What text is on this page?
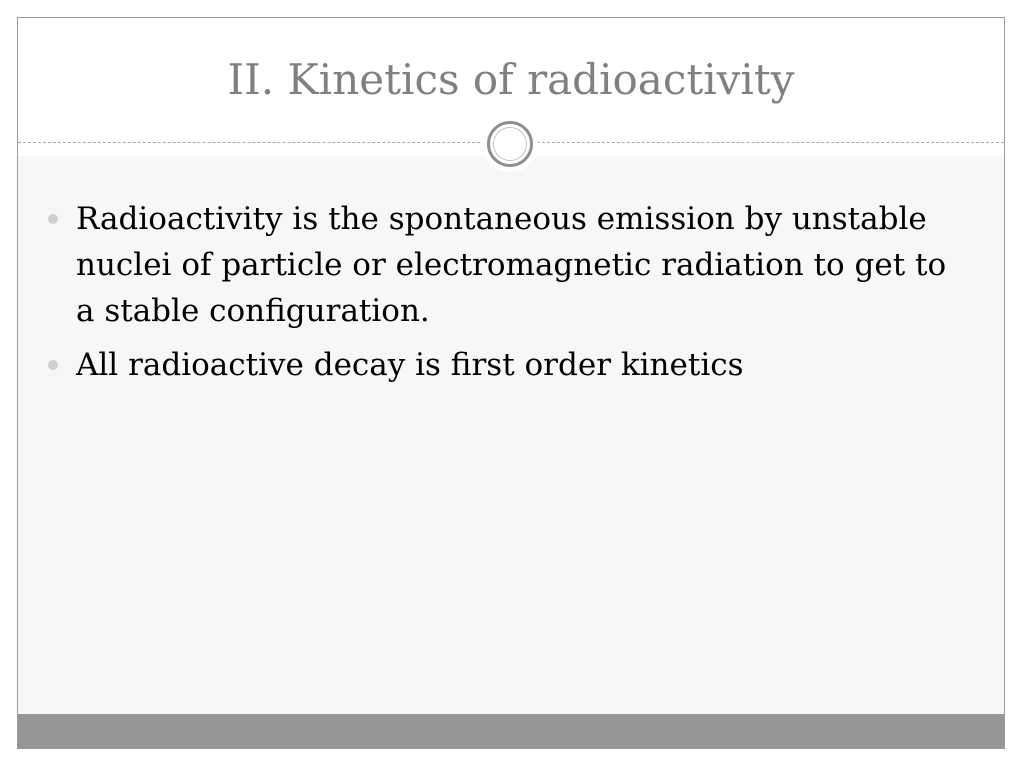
II. Kinetics of radioactivity
Radioactivity is the spontaneous emission by unstable nuclei of particle or electromagnetic radiation to get to a stable configuration.
All radioactive decay is first order kinetics
